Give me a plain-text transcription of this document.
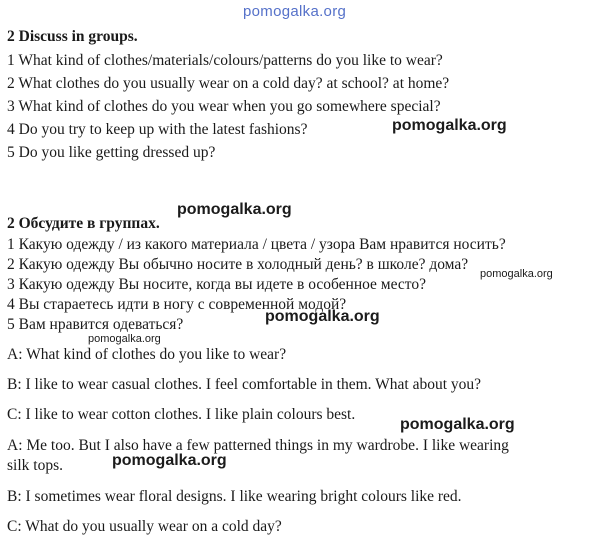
pomogalka.org
pomogalka.org
pomogalka.org
pomogalka.org
pomogalka.org
pomogalka.org
pomogalka.org
pomogalka.org
2 Discuss in groups.
1 What kind of clothes/materials/colours/patterns do you like to wear?
2 What clothes do you usually wear on a cold day? at school? at home?
3 What kind of clothes do you wear when you go somewhere special?
4 Do you try to keep up with the latest fashions?
5 Do you like getting dressed up?
2 Обсудите в группах.
1 Какую одежду / из какого материала / цвета / узора Вам нравится носить?
2 Какую одежду Вы обычно носите в холодный день? в школе? дома?
3 Какую одежду Вы носите, когда вы идете в особенное место?
4 Вы стараетесь идти в ногу с современной модой?
5 Вам нравится одеваться?
A: What kind of clothes do you like to wear?
B: I like to wear casual clothes. I feel comfortable in them. What about you?
C: I like to wear cotton clothes. I like plain colours best.
A: Me too. But I also have a few patterned things in my wardrobe. I like wearing
silk tops.
B: I sometimes wear floral designs. I like wearing bright colours like red.
C: What do you usually wear on a cold day?
